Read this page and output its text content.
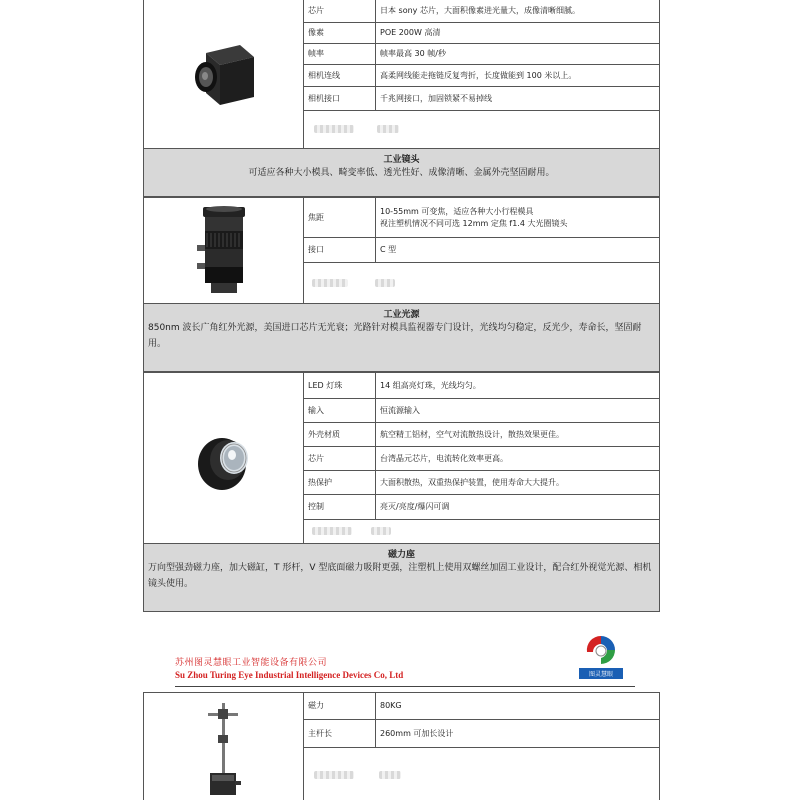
	芯片	日本 sony 芯片，大面积像素进光量大，成像清晰细腻。
	像素	POE 200W 高清
	帧率	帧率最高 30 帧/秒
	相机连线	高柔网线能走拖链反复弯折，长度做能到 100 米以上。
	相机接口	千兆网接口，加固锁紧不易掉线

工业镜头
可适应各种大小模具、畸变率低、透光性好、成像清晰、金属外壳坚固耐用。
	焦距	10-55mm 可变焦，适应各种大小行程模具
视注塑机情况不同可选 12mm 定焦 f1.4 大光圈镜头

	接口	C 型

工业光源
850nm 波长广角红外光源，美国进口芯片无光衰；光路针对模具监视器专门设计，光线均匀稳定，反光少，寿命长，坚固耐用。
	LED 灯珠	14 组高亮灯珠，光线均匀。
	输入	恒流源输入
	外壳材质	航空精工铝材，空气对流散热设计，散热效果更佳。
	芯片	台湾晶元芯片，电流转化效率更高。
	热保护	大面积散热，双重热保护装置，使用寿命大大提升。
	控制	亮灭/亮度/爆闪可调

磁力座
万向型强劲磁力座，加大磁缸，T 形杆，V 型底面磁力吸附更强，注塑机上使用双螺丝加固工业设计，配合红外视觉光源、相机镜头使用。
苏州图灵慧眼工业智能设备有限公司
Su Zhou Turing Eye Industrial Intelligence Devices Co, Ltd	图灵慧眼
	磁力	80KG
	主杆长	260mm 可加长设计
